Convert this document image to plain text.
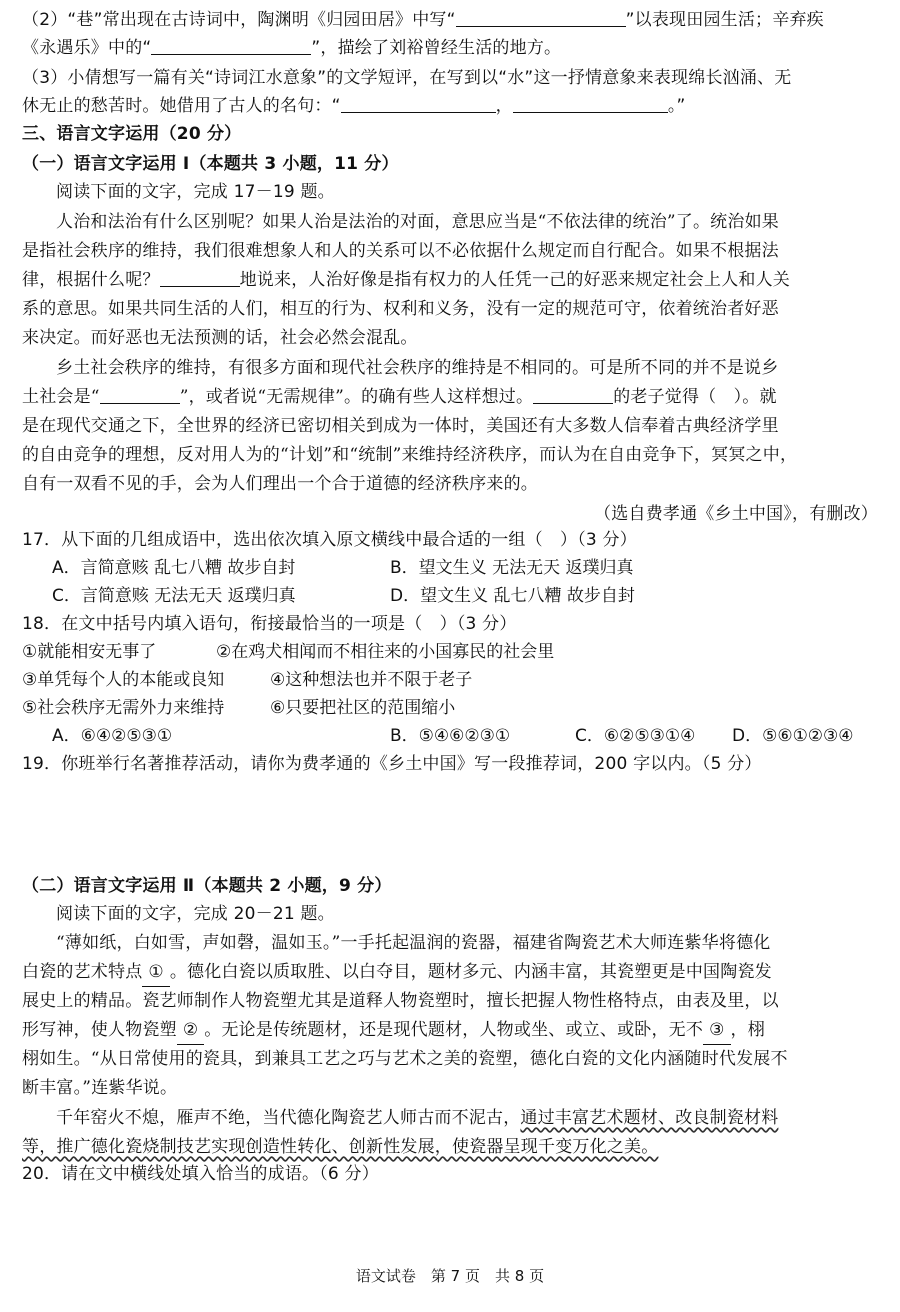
（2）“巷”常出现在古诗词中，陶渊明《归园田居》中写“	”以表现田园生活；辛弃疾
《永遇乐》中的“	”，描绘了刘裕曾经生活的地方。
（3）小倩想写一篇有关“诗词江水意象”的文学短评，在写到以“水”这一抒情意象来表现绵长汹涌、无
休无止的愁苦时。她借用了古人的名句：“	，	。”
三、语言文字运用（20 分）
（一）语言文字运用 Ⅰ（本题共 3 小题，11 分）
阅读下面的文字，完成 17－19 题。
人治和法治有什么区别呢？如果人治是法治的对面，意思应当是“不依法律的统治”了。统治如果
是指社会秩序的维持，我们很难想象人和人的关系可以不必依据什么规定而自行配合。如果不根据法
律，根据什么呢？	地说来，人治好像是指有权力的人任凭一己的好恶来规定社会上人和人关
系的意思。如果共同生活的人们，相互的行为、权利和义务，没有一定的规范可守，依着统治者好恶
来决定。而好恶也无法预测的话，社会必然会混乱。
乡土社会秩序的维持，有很多方面和现代社会秩序的维持是不相同的。可是所不同的并不是说乡
土社会是“	”，或者说“无需规律”。的确有些人这样想过。	的老子觉得（　）。就
是在现代交通之下，全世界的经济已密切相关到成为一体时，美国还有大多数人信奉着古典经济学里
的自由竞争的理想，反对用人为的“计划”和“统制”来维持经济秩序，而认为在自由竞争下，冥冥之中，
自有一双看不见的手，会为人们理出一个合于道德的经济秩序来的。
（选自费孝通《乡土中国》，有删改）
17．从下面的几组成语中，选出依次填入原文横线中最合适的一组（　）（3 分）
A．言简意赅 乱七八糟 故步自封	B．望文生义 无法无天 返璞归真
C．言简意赅 无法无天 返璞归真	D．望文生义 乱七八糟 故步自封
18．在文中括号内填入语句，衔接最恰当的一项是（　）（3 分）
①就能相安无事了	②在鸡犬相闻而不相往来的小国寡民的社会里
③单凭每个人的本能或良知	④这种想法也并不限于老子
⑤社会秩序无需外力来维持	⑥只要把社区的范围缩小
A．⑥④②⑤③①	B．⑤④⑥②③①	C．⑥②⑤③①④ D．⑤⑥①②③④
19．你班举行名著推荐活动，请你为费孝通的《乡土中国》写一段推荐词，200 字以内。（5 分）
（二）语言文字运用 Ⅱ（本题共 2 小题，9 分）
阅读下面的文字，完成 20－21 题。
“薄如纸，白如雪，声如磬，温如玉。”一手托起温润的瓷器，福建省陶瓷艺术大师连紫华将德化
白瓷的艺术特点 ① 。德化白瓷以质取胜、以白夺目，题材多元、内涵丰富，其瓷塑更是中国陶瓷发
展史上的精品。瓷艺师制作人物瓷塑尤其是道释人物瓷塑时，擅长把握人物性格特点，由表及里，以
形写神，使人物瓷塑 ② 。无论是传统题材，还是现代题材，人物或坐、或立、或卧，无不 ③ ，栩
栩如生。“从日常使用的瓷具，到兼具工艺之巧与艺术之美的瓷塑，德化白瓷的文化内涵随时代发展不
断丰富。”连紫华说。
千年窑火不熄，雁声不绝，当代德化陶瓷艺人师古而不泥古，通过丰富艺术题材、改良制瓷材料
等，推广德化瓷烧制技艺实现创造性转化、创新性发展，使瓷器呈现千变万化之美。
20．请在文中横线处填入恰当的成语。（6 分）
语文试卷　第 7 页　共 8 页
